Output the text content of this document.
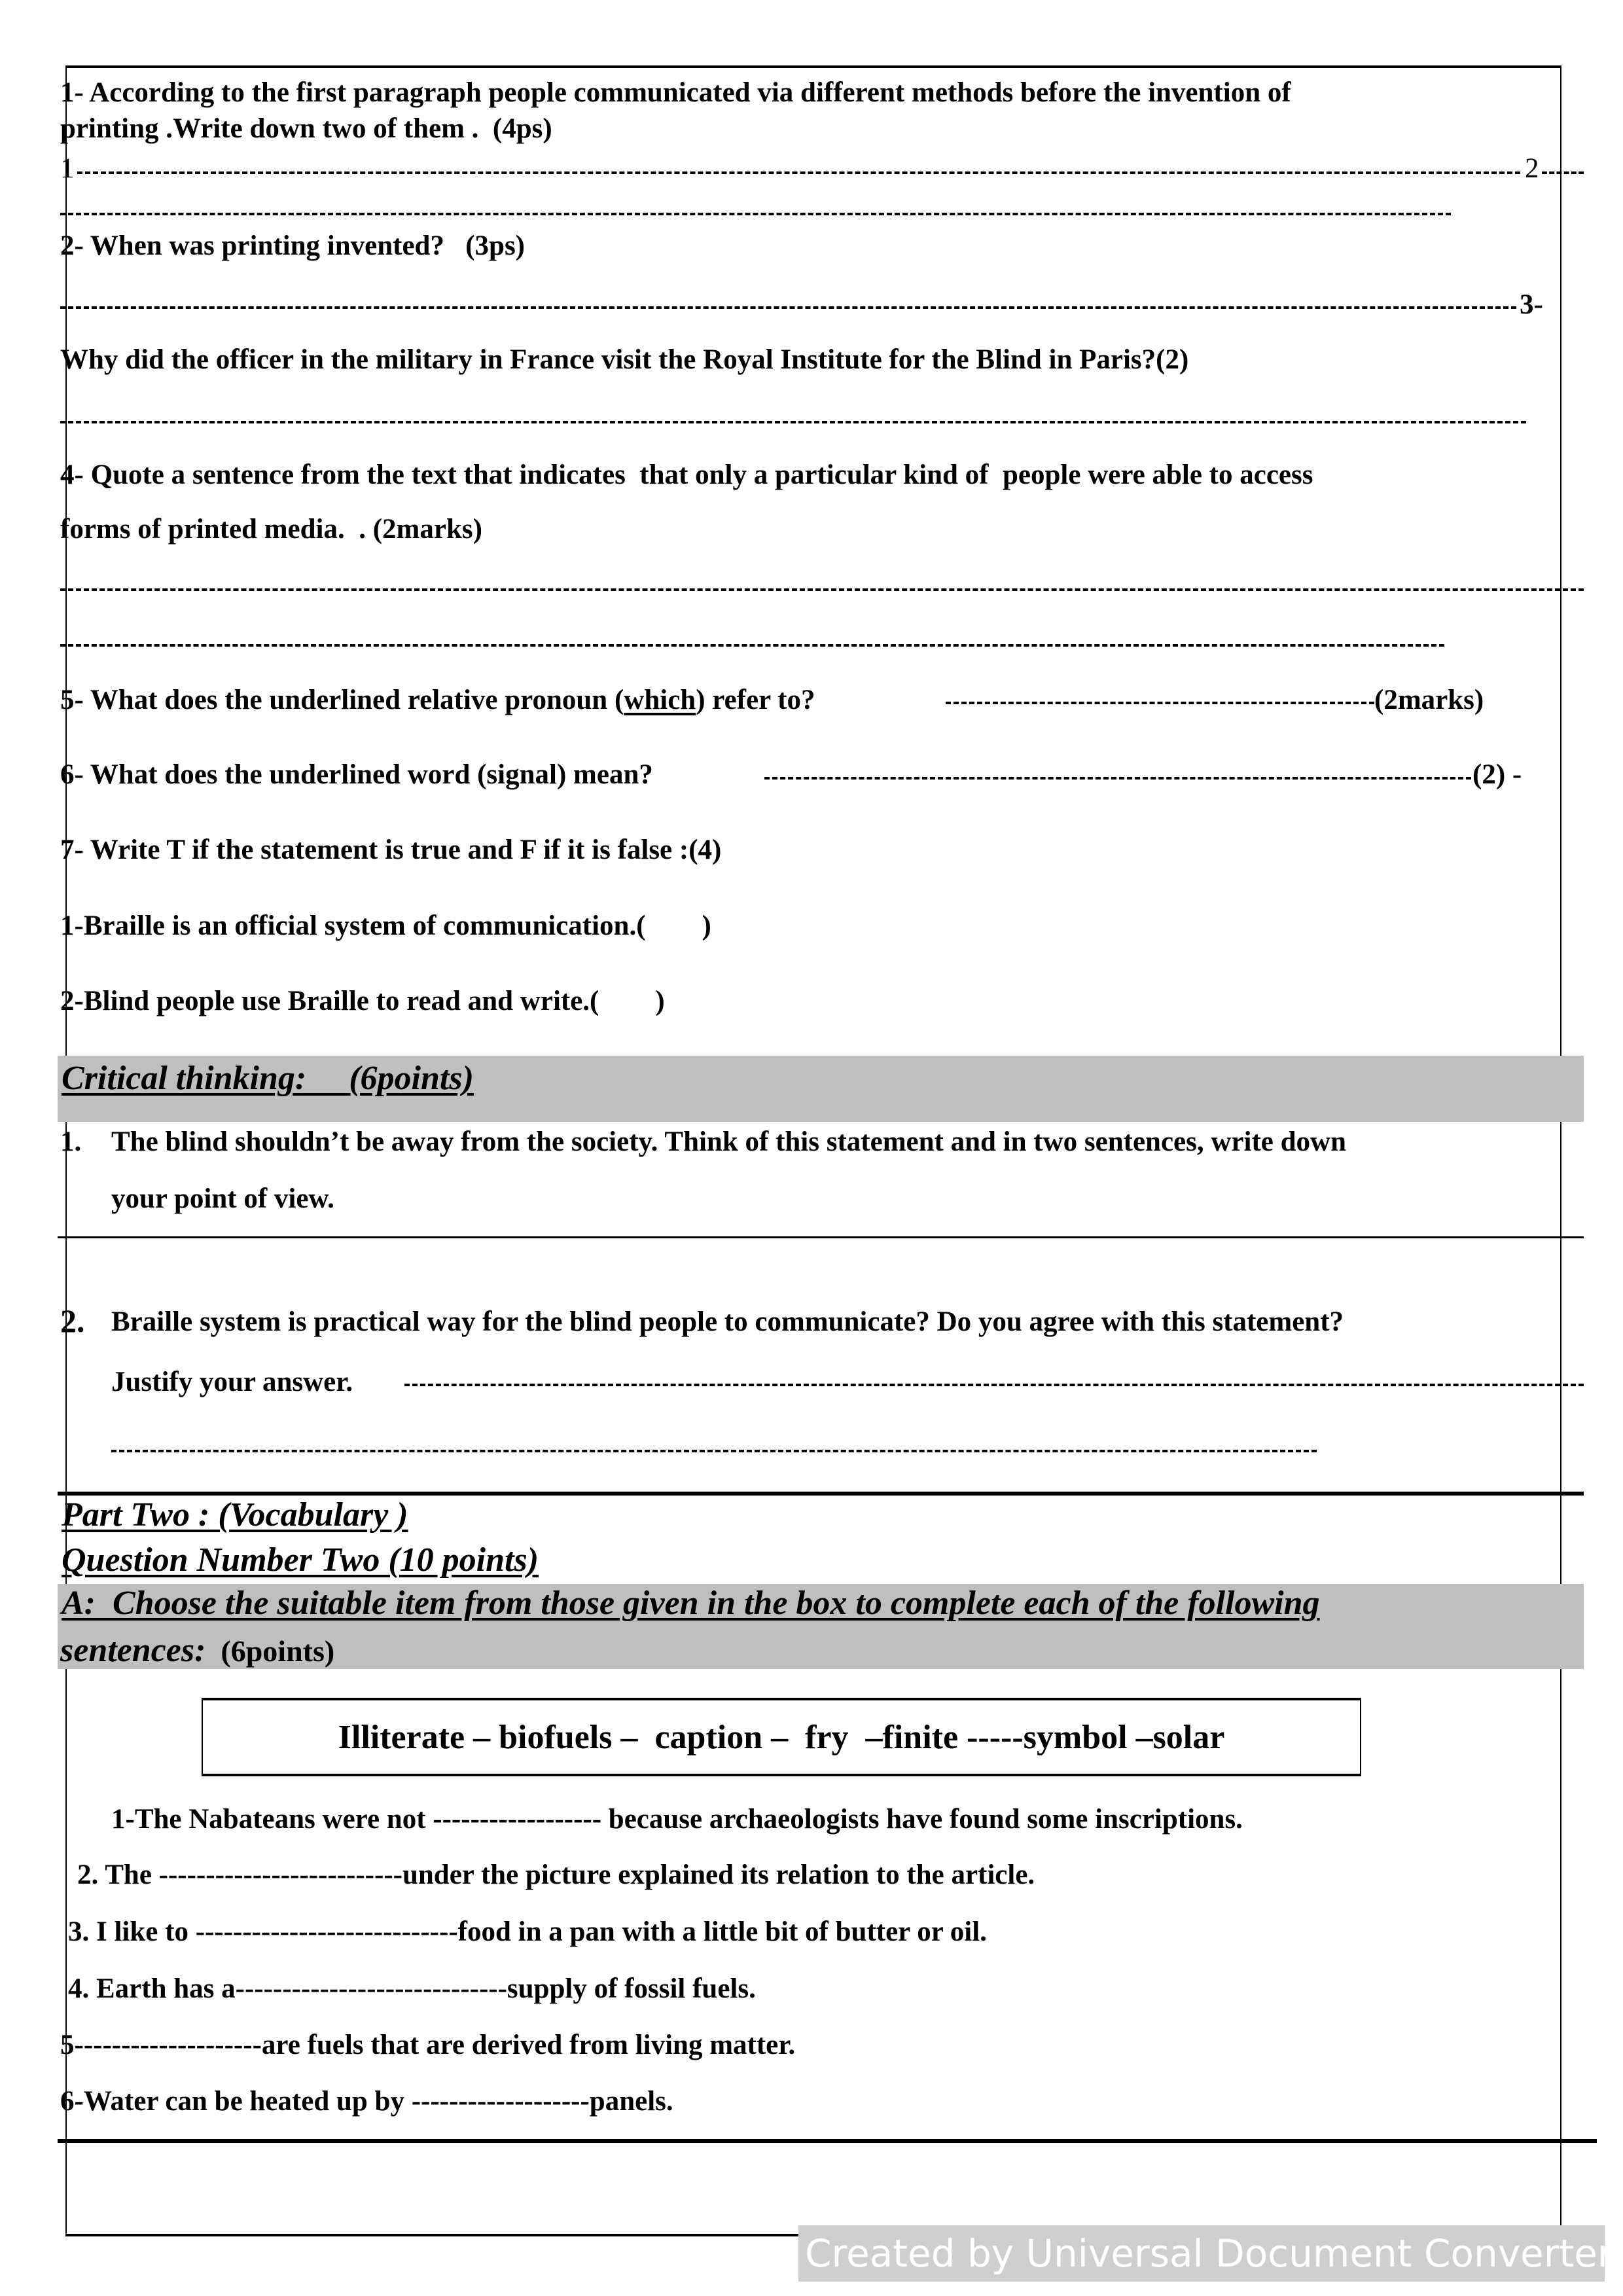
1- According to the first paragraph people communicated via different methods before the invention of
printing .Write down two of them .  (4ps)
1	2
2- When was printing invented?   (3ps)
3-
Why did the officer in the military in France visit the Royal Institute for the Blind in Paris?(2)
4- Quote a sentence from the text that indicates  that only a particular kind of  people were able to access
forms of printed media.  . (2marks)
5- What does the underlined relative pronoun (which) refer to?	(2marks)
6- What does the underlined word (signal) mean?	(2) -
7- Write T if the statement is true and F if it is false :(4)
1-Braille is an official system of communication.(        )
2-Blind people use Braille to read and write.(        )
Critical thinking:     (6points)
1. The blind shouldn’t be away from the society. Think of this statement and in two sentences, write down
your point of view.
2. Braille system is practical way for the blind people to communicate? Do you agree with this statement?
Justify your answer.
Part Two : (Vocabulary )
Question Number Two (10 points)
A:  Choose the suitable item from those given in the box to complete each of the following
sentences:  (6points)
Illiterate – biofuels –  caption –  fry  –finite -----symbol –solar
1-The Nabateans were not ------------------ because archaeologists have found some inscriptions.
2. The --------------------------under the picture explained its relation to the article.
3. I like to ----------------------------food in a pan with a little bit of butter or oil.
4. Earth has a-----------------------------supply of fossil fuels.
5--------------------are fuels that are derived from living matter.
6-Water can be heated up by -------------------panels.
Created by Universal Document Converter
